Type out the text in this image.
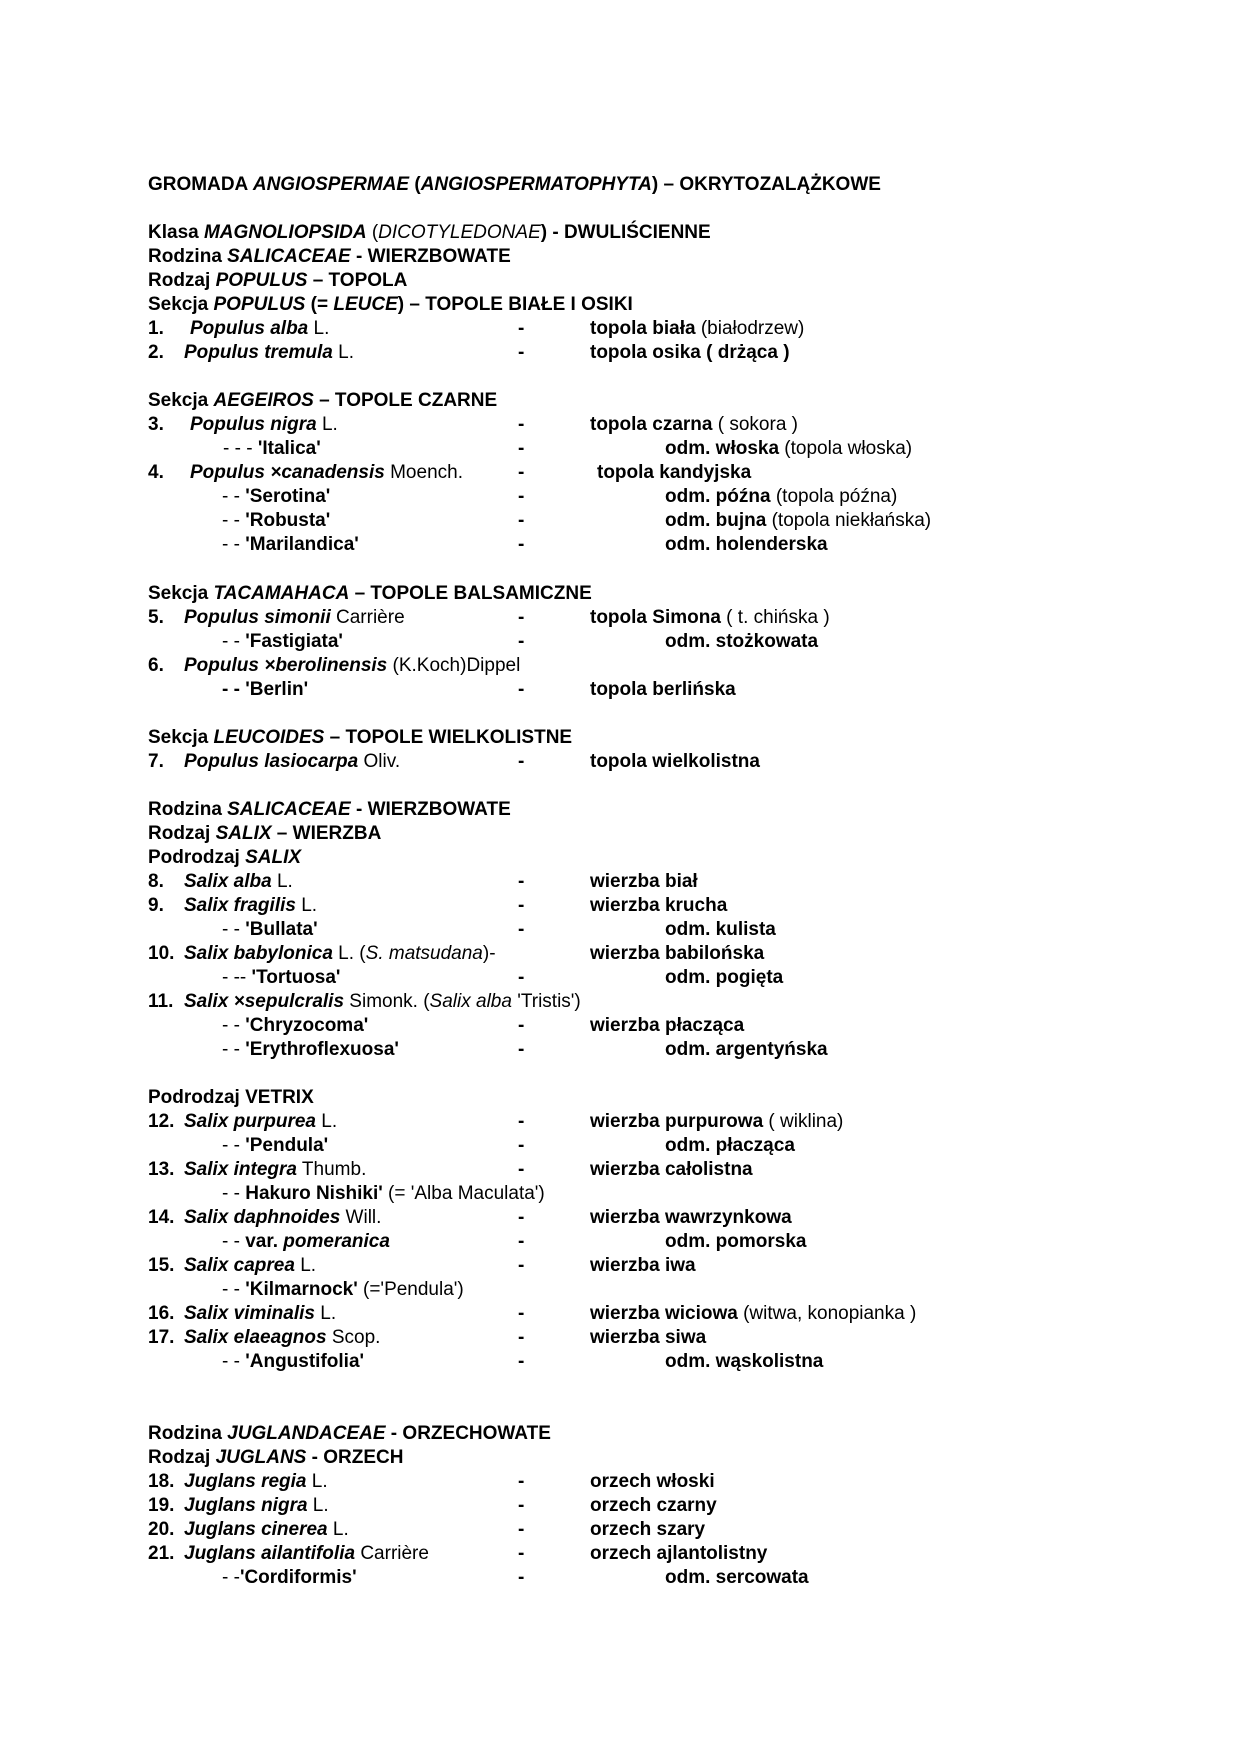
GROMADA ANGIOSPERMAE (ANGIOSPERMATOPHYTA) – OKRYTOZALĄŻKOWE
Klasa MAGNOLIOPSIDA (DICOTYLEDONAE) - DWULIŚCIENNE
Rodzina SALICACEAE - WIERZBOWATE
Rodzaj POPULUS – TOPOLA
Sekcja POPULUS (= LEUCE) – TOPOLE BIAŁE I OSIKI
1. Populus alba L.	-	topola biała (białodrzew)
2. Populus tremula L.	-	topola osika ( drżąca )
Sekcja AEGEIROS – TOPOLE CZARNE
3. Populus nigra L.	-	topola czarna ( sokora )
- - - 'Italica'	-	odm. włoska (topola włoska)
4. Populus ×canadensis Moench.	-	topola kandyjska
- - 'Serotina'	-	odm. późna (topola późna)
- - 'Robusta'	-	odm. bujna (topola niekłańska)
- - 'Marilandica'	-	odm. holenderska
Sekcja TACAMAHACA – TOPOLE BALSAMICZNE
5. Populus simonii Carrière	-	topola Simona ( t. chińska )
- - 'Fastigiata'	-	odm. stożkowata
6. Populus ×berolinensis (K.Koch)Dippel
- - 'Berlin'	-	topola berlińska
Sekcja LEUCOIDES – TOPOLE WIELKOLISTNE
7. Populus lasiocarpa Oliv.	-	topola wielkolistna
Rodzina SALICACEAE - WIERZBOWATE
Rodzaj SALIX – WIERZBA
Podrodzaj SALIX
8. Salix alba L.	-	wierzba biał
9. Salix fragilis L.	-	wierzba krucha
- - 'Bullata'	-	odm. kulista
10. Salix babylonica L. (S. matsudana)-	wierzba babilońska
- -- 'Tortuosa'	-	odm. pogięta
11. Salix ×sepulcralis Simonk. (Salix alba 'Tristis')
- - 'Chryzocoma'	-	wierzba płacząca
- - 'Erythroflexuosa'	-	odm. argentyńska
Podrodzaj VETRIX
12. Salix purpurea L.	-	wierzba purpurowa ( wiklina)
- - 'Pendula'	-	odm. płacząca
13. Salix integra Thumb.	-	wierzba całolistna
- - Hakuro Nishiki' (= 'Alba Maculata')
14. Salix daphnoides Will.	-	wierzba wawrzynkowa
- - var. pomeranica	-	odm. pomorska
15. Salix caprea L.	-	wierzba iwa
- - 'Kilmarnock' (='Pendula')
16. Salix viminalis L.	-	wierzba wiciowa (witwa, konopianka )
17. Salix elaeagnos Scop.	-	wierzba siwa
- - 'Angustifolia'	-	odm. wąskolistna
Rodzina JUGLANDACEAE - ORZECHOWATE
Rodzaj JUGLANS - ORZECH
18. Juglans regia L.	-	orzech włoski
19. Juglans nigra L.	-	orzech czarny
20. Juglans cinerea L.	-	orzech szary
21. Juglans ailantifolia Carrière	-	orzech ajlantolistny
- -'Cordiformis'	-	odm. sercowata
